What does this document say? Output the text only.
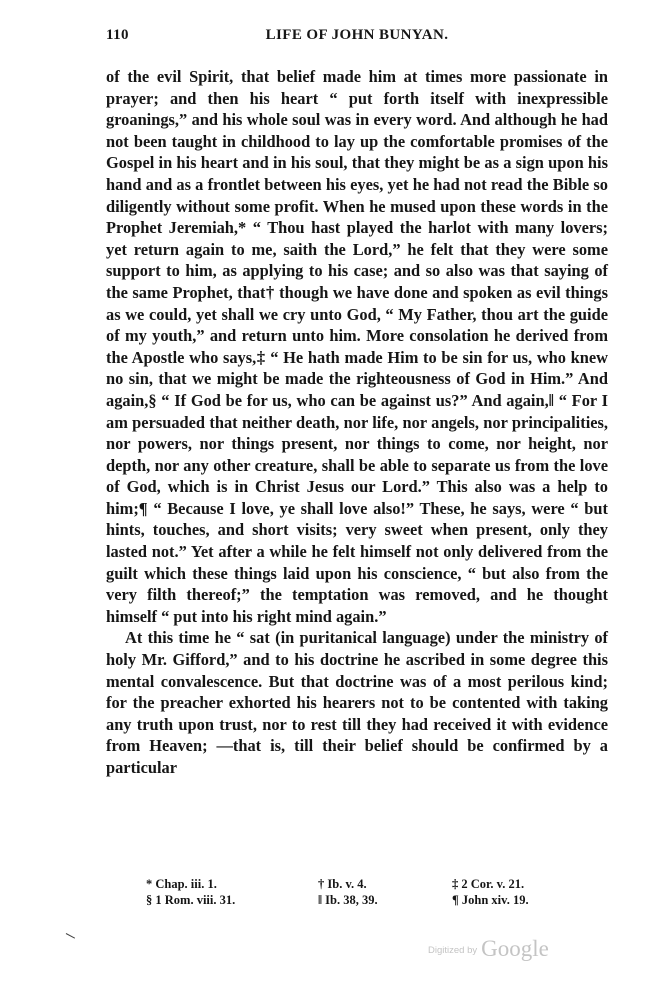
110	LIFE OF JOHN BUNYAN.

of the evil Spirit, that belief made him at times more passionate in prayer; and then his heart “ put forth itself with inexpressible groanings,” and his whole soul was in every word. And although he had not been taught in childhood to lay up the comfortable promises of the Gospel in his heart and in his soul, that they might be as a sign upon his hand and as a frontlet between his eyes, yet he had not read the Bible so diligently without some profit. When he mused upon these words in the Prophet Jeremiah,* “ Thou hast played the harlot with many lovers; yet return again to me, saith the Lord,” he felt that they were some support to him, as applying to his case; and so also was that saying of the same Prophet, that† though we have done and spoken as evil things as we could, yet shall we cry unto God, “ My Father, thou art the guide of my youth,” and return unto him. More consolation he derived from the Apostle who says,‡ “ He hath made Him to be sin for us, who knew no sin, that we might be made the righteousness of God in Him.” And again,§ “ If God be for us, who can be against us?” And again,‖ “ For I am persuaded that neither death, nor life, nor angels, nor principalities, nor powers, nor things present, nor things to come, nor height, nor depth, nor any other creature, shall be able to separate us from the love of God, which is in Christ Jesus our Lord.” This also was a help to him;¶ “ Because I love, ye shall love also!” These, he says, were “ but hints, touches, and short visits; very sweet when present, only they lasted not.” Yet after a while he felt himself not only delivered from the guilt which these things laid upon his conscience, “ but also from the very filth thereof;” the temptation was removed, and he thought himself “ put into his right mind again.”

At this time he “ sat (in puritanical language) under the ministry of holy Mr. Gifford,” and to his doctrine he ascribed in some degree this mental convalescence. But that doctrine was of a most perilous kind; for the preacher exhorted his hearers not to be contented with taking any truth upon trust, nor to rest till they had received it with evidence from Heaven; —that is, till their belief should be confirmed by a particular

* Chap. iii. 1.	† Ib. v. 4.	‡ 2 Cor. v. 21.
§ 1 Rom. viii. 31.	‖ Ib. 38, 39.	¶ John xiv. 19.
Digitized by Google
